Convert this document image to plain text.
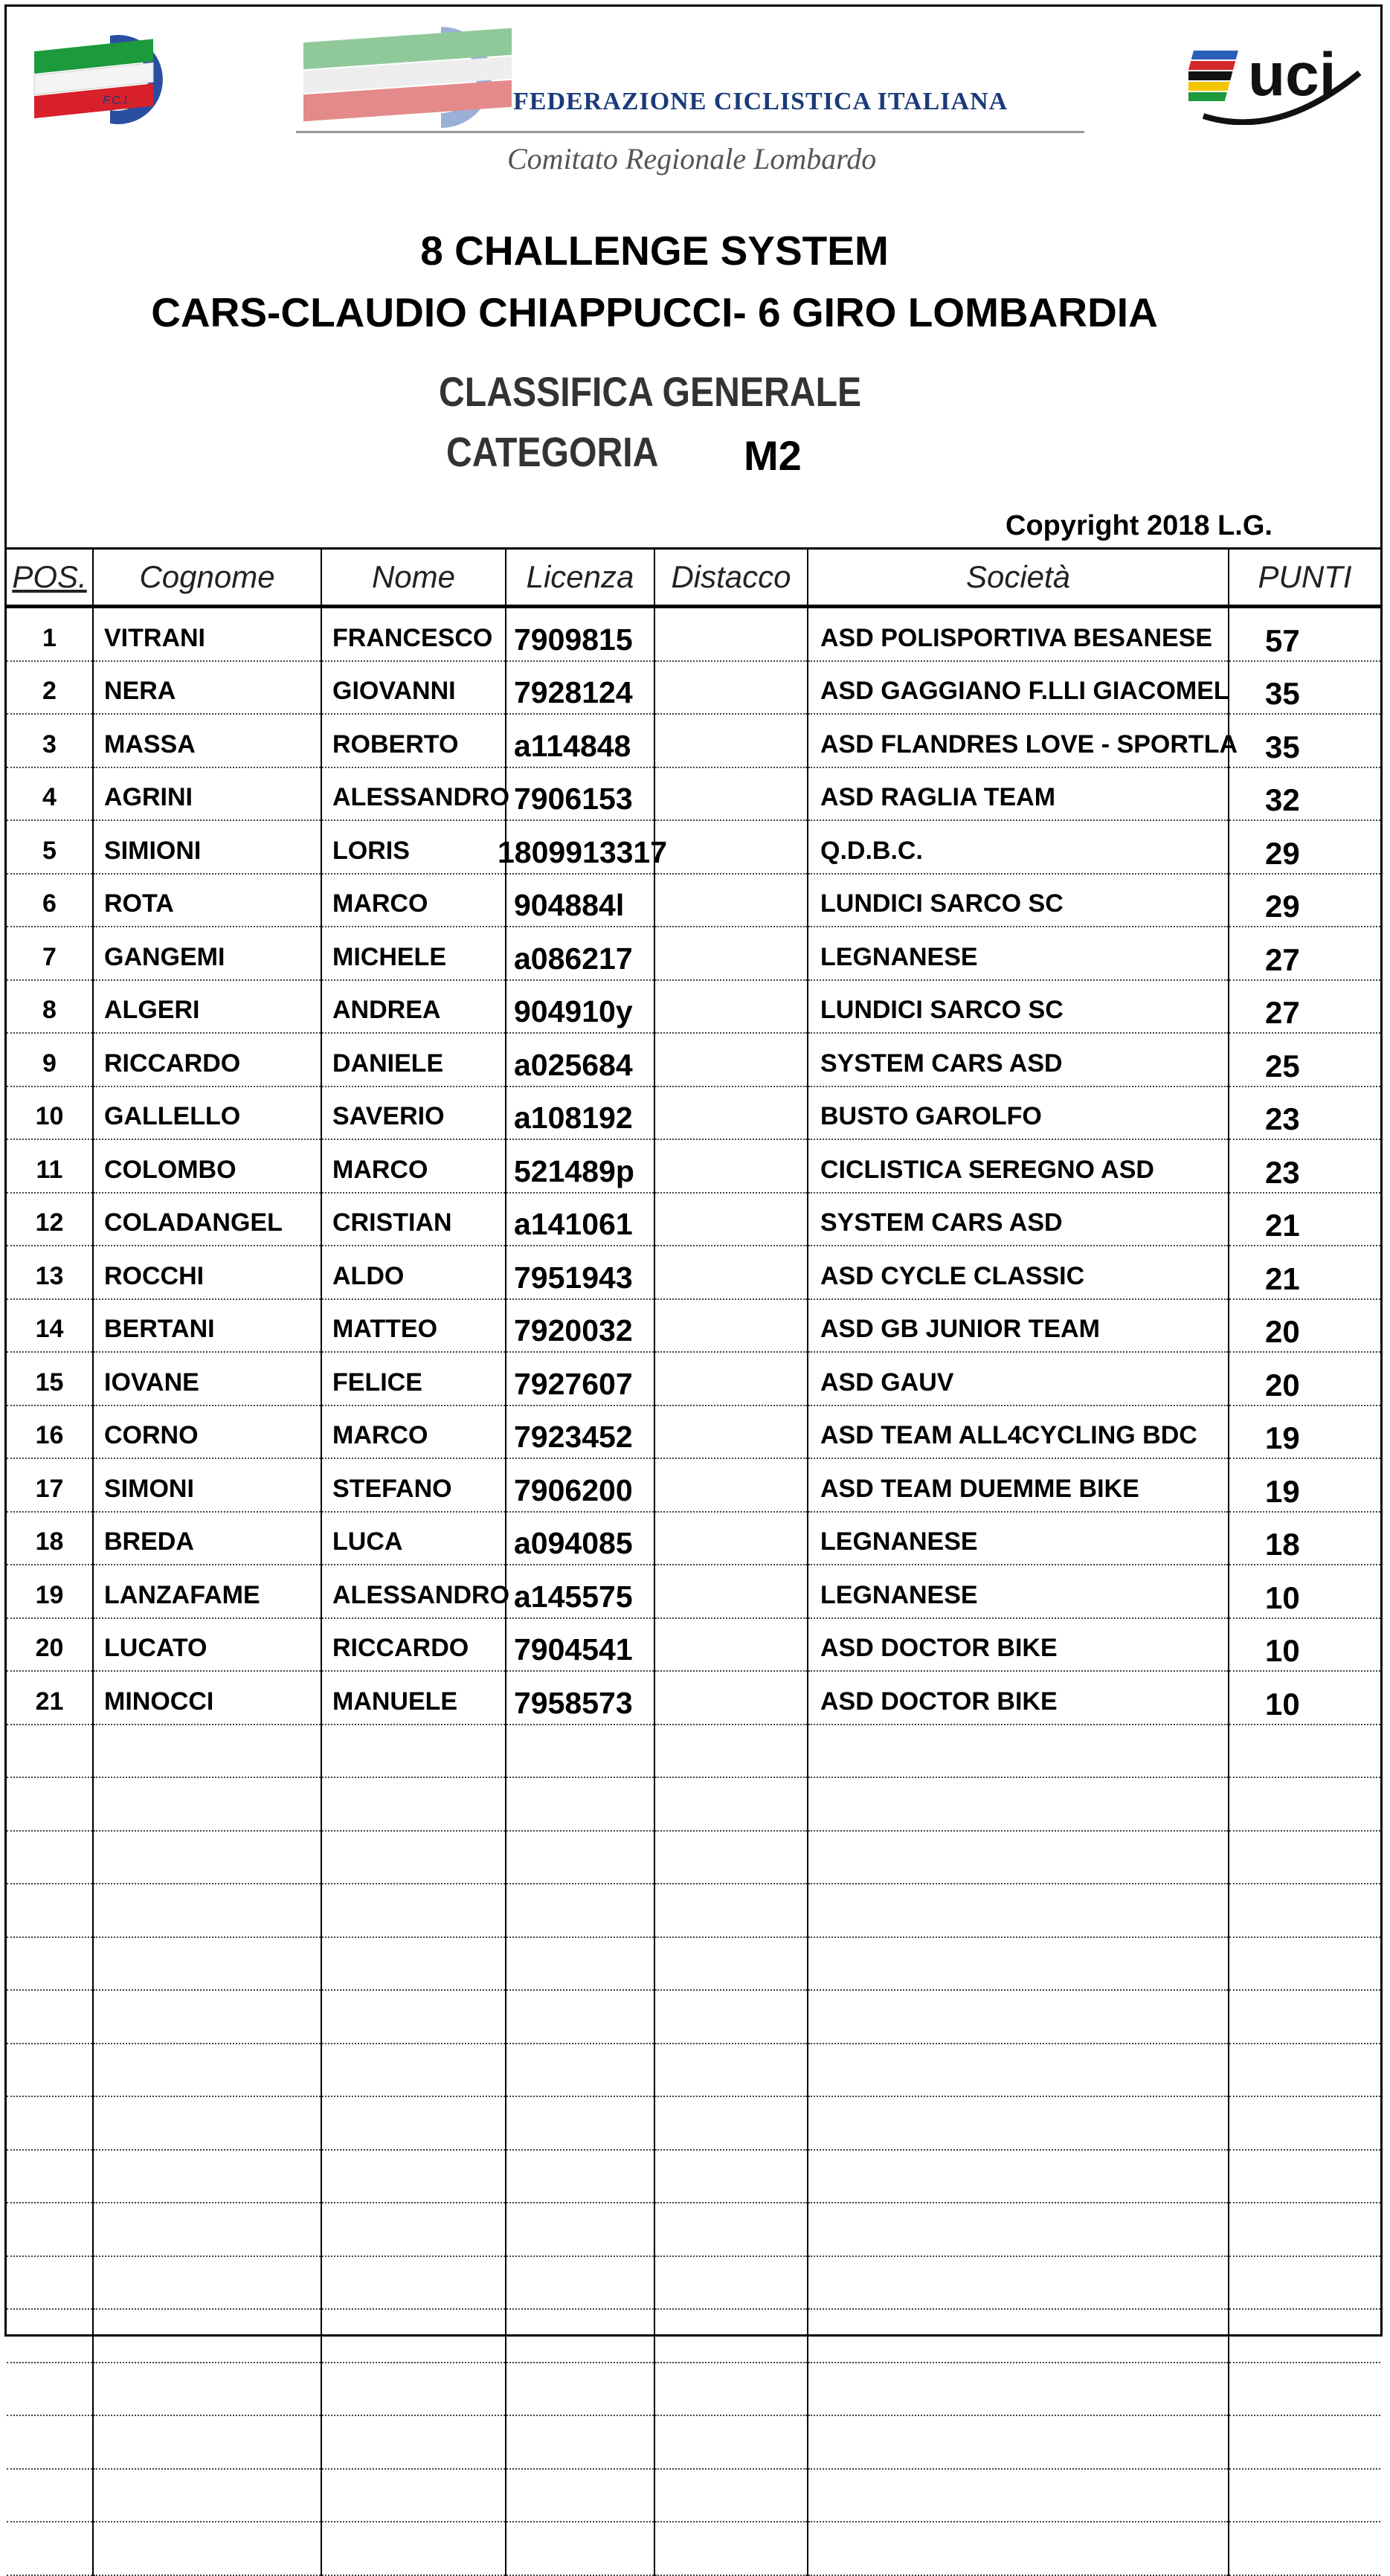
F.C.I.	FEDERAZIONE CICLISTICA ITALIANA
Comitato Regionale Lombardo
uci
8 CHALLENGE SYSTEM
CARS-CLAUDIO CHIAPPUCCI- 6 GIRO LOMBARDIA
CLASSIFICA GENERALE
CATEGORIA M2
Copyright 2018 L.G.
POS.	Cognome	Nome	Licenza	Distacco	Società	PUNTI
1	VITRANI	FRANCESCO	7909815		ASD POLISPORTIVA BESANESE	57
2	NERA	GIOVANNI	7928124		ASD GAGGIANO F.LLI GIACOMEL	35
3	MASSA	ROBERTO	a114848		ASD FLANDRES LOVE - SPORTLA	35
4	AGRINI	ALESSANDRO	7906153		ASD RAGLIA TEAM	32
5	SIMIONI	LORIS	1809913317		Q.D.B.C.	29
6	ROTA	MARCO	904884l		LUNDICI SARCO SC	29
7	GANGEMI	MICHELE	a086217		LEGNANESE	27
8	ALGERI	ANDREA	904910y		LUNDICI SARCO SC	27
9	RICCARDO	DANIELE	a025684		SYSTEM CARS ASD	25
10	GALLELLO	SAVERIO	a108192		BUSTO GAROLFO	23
11	COLOMBO	MARCO	521489p		CICLISTICA SEREGNO ASD	23
12	COLADANGEL	CRISTIAN	a141061		SYSTEM CARS ASD	21
13	ROCCHI	ALDO	7951943		ASD CYCLE CLASSIC	21
14	BERTANI	MATTEO	7920032		ASD GB JUNIOR TEAM	20
15	IOVANE	FELICE	7927607		ASD GAUV	20
16	CORNO	MARCO	7923452		ASD TEAM ALL4CYCLING BDC	19
17	SIMONI	STEFANO	7906200		ASD TEAM DUEMME BIKE	19
18	BREDA	LUCA	a094085		LEGNANESE	18
19	LANZAFAME	ALESSANDRO	a145575		LEGNANESE	10
20	LUCATO	RICCARDO	7904541		ASD DOCTOR BIKE	10
21	MINOCCI	MANUELE	7958573		ASD DOCTOR BIKE	10
